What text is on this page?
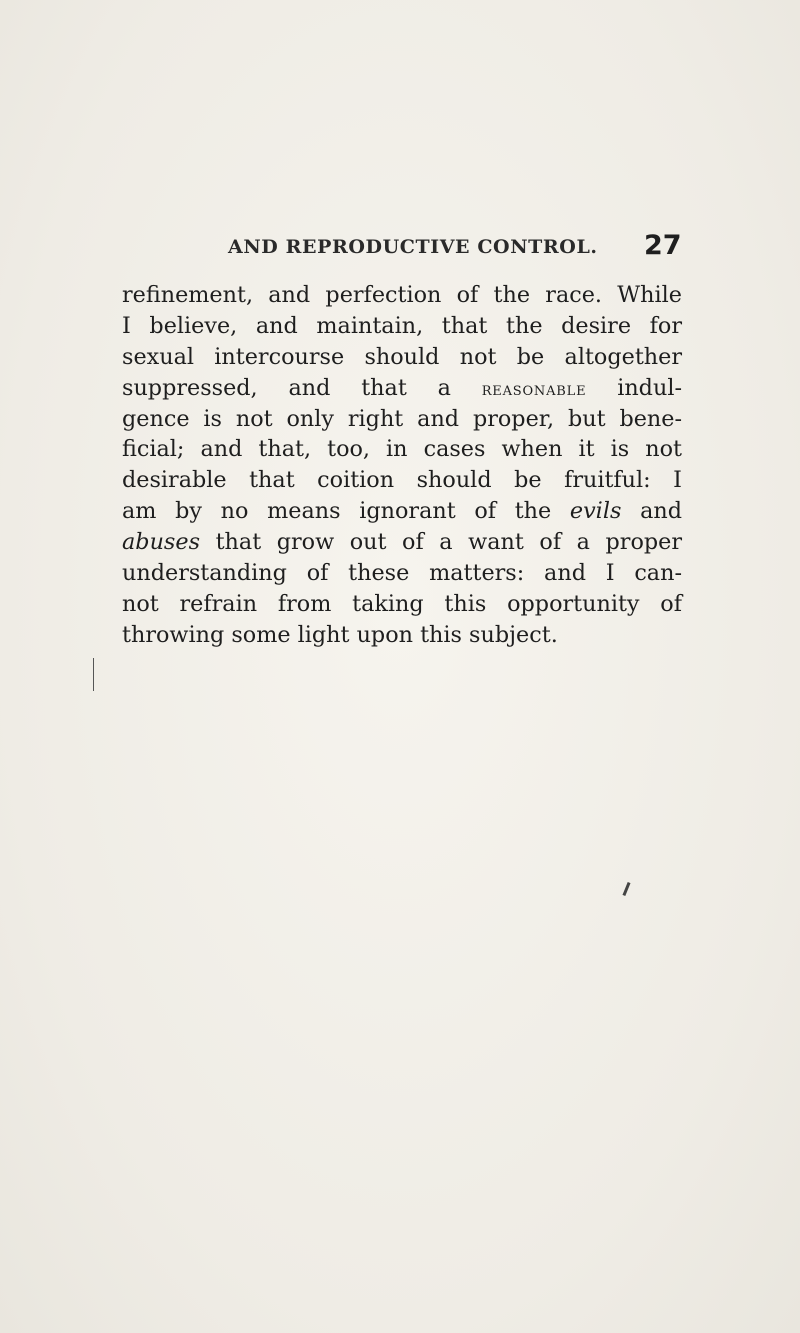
AND REPRODUCTIVE CONTROL. 27
refinement, and perfection of the race. While
I believe, and maintain, that the desire for
sexual intercourse should not be altogether
suppressed, and that a reasonable indul-
gence is not only right and proper, but bene-
ficial; and that, too, in cases when it is not
desirable that coition should be fruitful: I
am by no means ignorant of the evils and
abuses that grow out of a want of a proper
understanding of these matters: and I can-
not refrain from taking this opportunity of
throwing some light upon this subject.
